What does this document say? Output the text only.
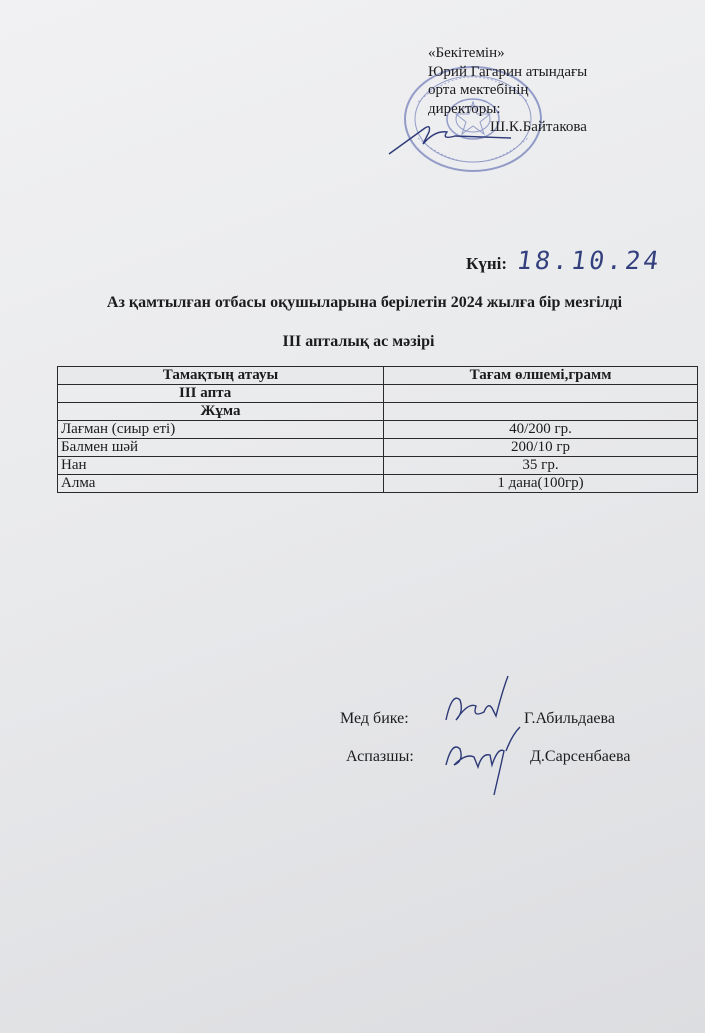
«Бекітемін»
Юрий Гагарин атындағы
орта мектебінің
директоры:
Ш.К.Байтакова
Күні: 18.10.24
Аз қамтылған отбасы оқушыларына берілетін 2024 жылға бір мезгілді
III апталық ас мәзірі
Тамақтың атауы	Тағам өлшемі,грамм
III апта	
Жұма	
Лағман (сиыр еті)	40/200 гр.
Балмен шәй	200/10 гр
Нан	35 гр.
Алма	1 дана(100гр)
Мед бике:	Г.Абильдаева
Аспазшы:	Д.Сарсенбаева
